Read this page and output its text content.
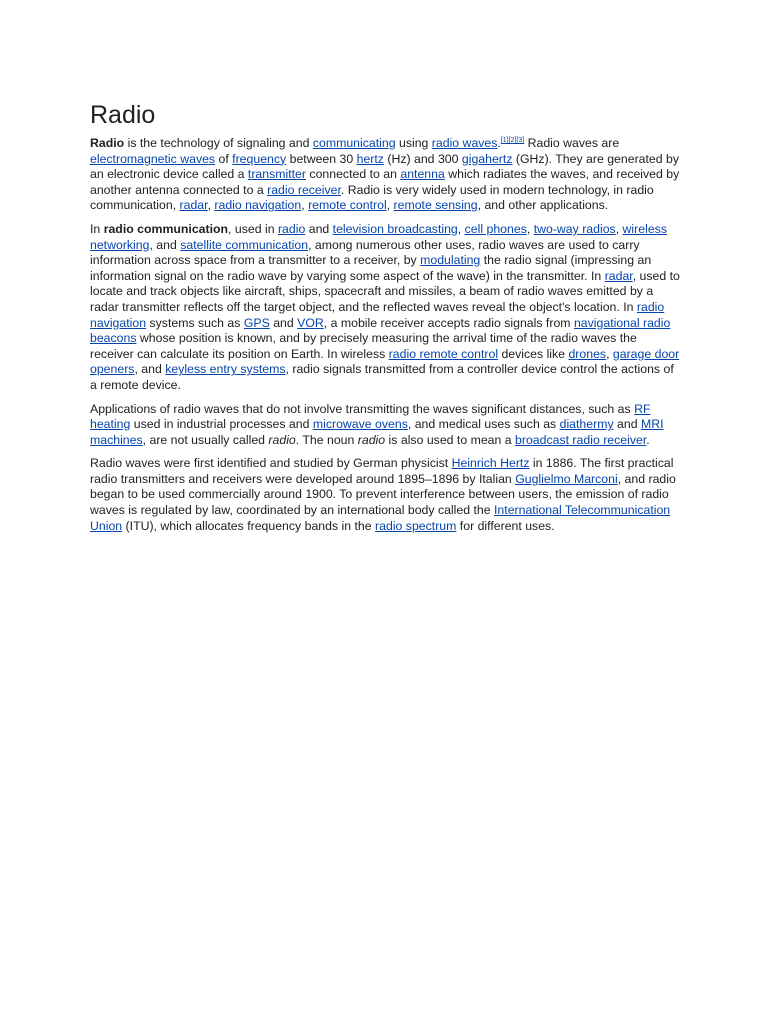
Radio

Radio is the technology of signaling and communicating using radio waves.[1][2][3] Radio waves are electromagnetic waves of frequency between 30 hertz (Hz) and 300 gigahertz (GHz). They are generated by an electronic device called a transmitter connected to an antenna which radiates the waves, and received by another antenna connected to a radio receiver. Radio is very widely used in modern technology, in radio communication, radar, radio navigation, remote control, remote sensing, and other applications.

In radio communication, used in radio and television broadcasting, cell phones, two-way radios, wireless networking, and satellite communication, among numerous other uses, radio waves are used to carry information across space from a transmitter to a receiver, by modulating the radio signal (impressing an information signal on the radio wave by varying some aspect of the wave) in the transmitter. In radar, used to locate and track objects like aircraft, ships, spacecraft and missiles, a beam of radio waves emitted by a radar transmitter reflects off the target object, and the reflected waves reveal the object's location. In radio navigation systems such as GPS and VOR, a mobile receiver accepts radio signals from navigational radio beacons whose position is known, and by precisely measuring the arrival time of the radio waves the receiver can calculate its position on Earth. In wireless radio remote control devices like drones, garage door openers, and keyless entry systems, radio signals transmitted from a controller device control the actions of a remote device.

Applications of radio waves that do not involve transmitting the waves significant distances, such as RF heating used in industrial processes and microwave ovens, and medical uses such as diathermy and MRI machines, are not usually called radio. The noun radio is also used to mean a broadcast radio receiver.

Radio waves were first identified and studied by German physicist Heinrich Hertz in 1886. The first practical radio transmitters and receivers were developed around 1895–1896 by Italian Guglielmo Marconi, and radio began to be used commercially around 1900. To prevent interference between users, the emission of radio waves is regulated by law, coordinated by an international body called the International Telecommunication Union (ITU), which allocates frequency bands in the radio spectrum for different uses.
